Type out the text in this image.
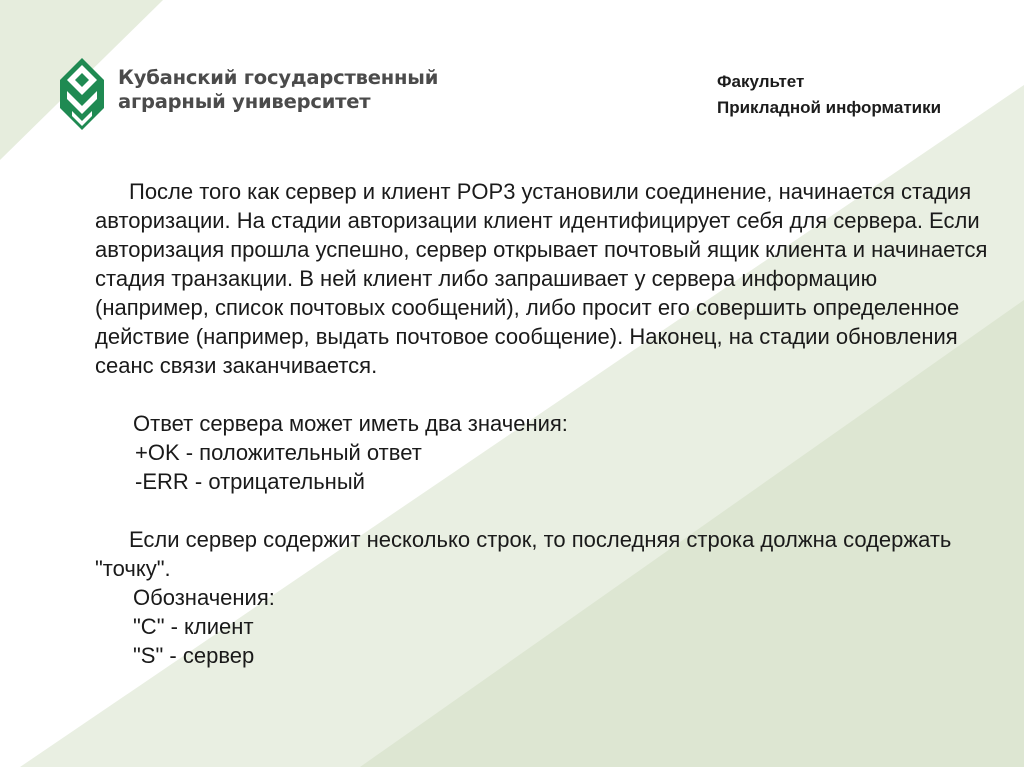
Кубанский государственный
аграрный университет
Факультет
Прикладной информатики

После того как сервер и клиент POP3 установили соединение, начинается стадия авторизации. На стадии авторизации клиент идентифицирует себя для сервера. Если авторизация прошла успешно, сервер открывает почтовый ящик клиента и начинается стадия транзакции. В ней клиент либо запрашивает у сервера информацию (например, список почтовых сообщений), либо просит его совершить определенное действие (например, выдать почтовое сообщение). Наконец, на стадии обновления сеанс связи заканчивается.

Ответ сервера может иметь два значения:

+OK - положительный ответ

-ERR - отрицательный

Если сервер содержит несколько строк, то последняя строка должна содержать "точку".

Обозначения:

"C" - клиент

"S" - сервер
